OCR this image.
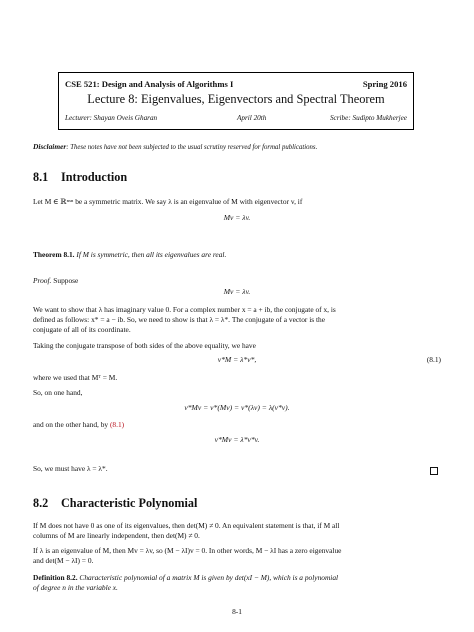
CSE 521: Design and Analysis of Algorithms I	Spring 2016
Lecture 8: Eigenvalues, Eigenvectors and Spectral Theorem
Lecturer: Shayan Oveis Gharan	April 20th	Scribe: Sudipto Mukherjee
Disclaimer: These notes have not been subjected to the usual scrutiny reserved for formal publications.
8.1 Introduction
Let M ∈ ℝⁿˣⁿ be a symmetric matrix. We say λ is an eigenvalue of M with eigenvector v, if
Mv = λv.
Theorem 8.1. If M is symmetric, then all its eigenvalues are real.
Proof. Suppose
Mv = λv.
We want to show that λ has imaginary value 0. For a complex number x = a + ib, the conjugate of x, is
defined as follows: x* = a − ib. So, we need to show is that λ = λ*. The conjugate of a vector is the
conjugate of all of its coordinate.
Taking the conjugate transpose of both sides of the above equality, we have
v*M = λ*v*,	(8.1)
where we used that Mᵀ = M.
So, on one hand,
v*Mv = v*(Mv) = v*(λv) = λ(v*v).
and on the other hand, by (8.1)
v*Mv = λ*v*v.
So, we must have λ = λ*.
8.2 Characteristic Polynomial
If M does not have 0 as one of its eigenvalues, then det(M) ≠ 0. An equivalent statement is that, if M all
columns of M are linearly independent, then det(M) ≠ 0.
If λ is an eigenvalue of M, then Mv = λv, so (M − λI)v = 0. In other words, M − λI has a zero eigenvalue
and det(M − λI) = 0.
Definition 8.2. Characteristic polynomial of a matrix M is given by det(xI − M), which is a polynomial
of degree n in the variable x.
8-1
